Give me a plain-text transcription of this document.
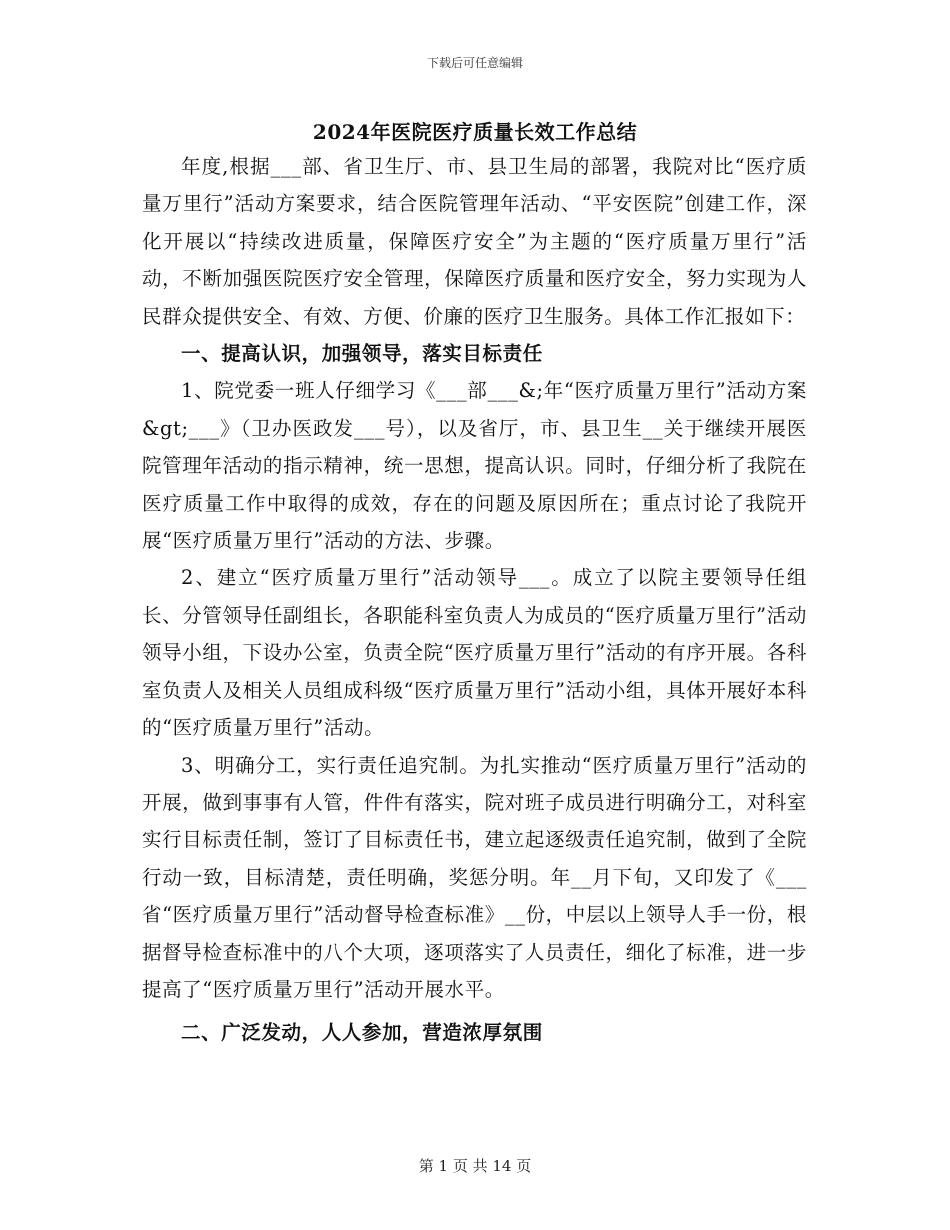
下载后可任意编辑
2024年医院医疗质量长效工作总结

年度,根据___部、省卫生厅、市、县卫生局的部署，我院对比“医疗质量万里行”活动方案要求，结合医院管理年活动、“平安医院”创建工作，深化开展以“持续改进质量，保障医疗安全”为主题的“医疗质量万里行”活动，不断加强医院医疗安全管理，保障医疗质量和医疗安全，努力实现为人民群众提供安全、有效、方便、价廉的医疗卫生服务。具体工作汇报如下：

一、提高认识，加强领导，落实目标责任

1、院党委一班人仔细学习《___部___&;年“医疗质量万里行”活动方案&gt;___》（卫办医政发___号），以及省厅，市、县卫生__关于继续开展医院管理年活动的指示精神，统一思想，提高认识。同时，仔细分析了我院在医疗质量工作中取得的成效，存在的问题及原因所在；重点讨论了我院开展“医疗质量万里行”活动的方法、步骤。

2、建立“医疗质量万里行”活动领导___。成立了以院主要领导任组长、分管领导任副组长，各职能科室负责人为成员的“医疗质量万里行”活动领导小组，下设办公室，负责全院“医疗质量万里行”活动的有序开展。各科室负责人及相关人员组成科级“医疗质量万里行”活动小组，具体开展好本科的“医疗质量万里行”活动。

3、明确分工，实行责任追究制。为扎实推动“医疗质量万里行”活动的开展，做到事事有人管，件件有落实，院对班子成员进行明确分工，对科室实行目标责任制，签订了目标责任书，建立起逐级责任追究制，做到了全院行动一致，目标清楚，责任明确，奖惩分明。年__月下旬，又印发了《___省“医疗质量万里行”活动督导检查标准》__份，中层以上领导人手一份，根据督导检查标准中的八个大项，逐项落实了人员责任，细化了标准，进一步提高了“医疗质量万里行”活动开展水平。

二、广泛发动，人人参加，营造浓厚氛围

第 1 页 共 14 页
